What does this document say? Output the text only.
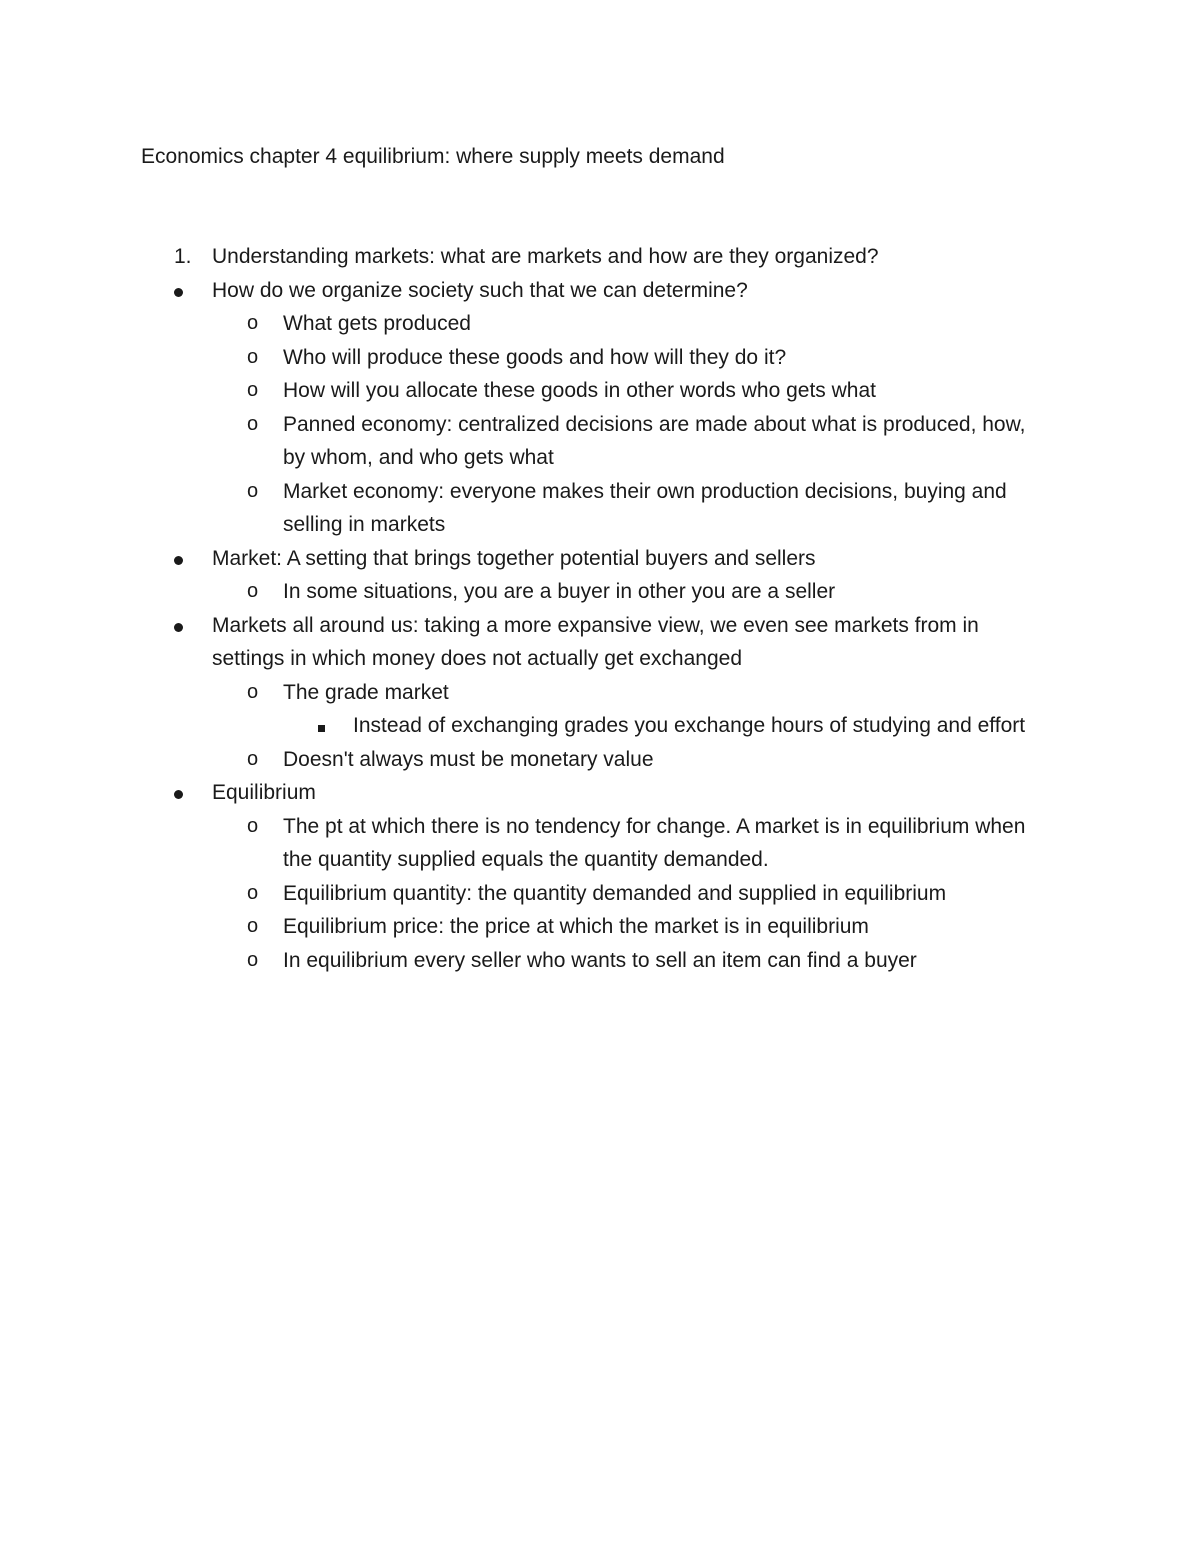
Economics chapter 4 equilibrium: where supply meets demand
1. Understanding markets: what are markets and how are they organized?
How do we organize society such that we can determine?
o What gets produced
o Who will produce these goods and how will they do it?
o How will you allocate these goods in other words who gets what
o Panned economy: centralized decisions are made about what is produced, how, by whom, and who gets what
o Market economy: everyone makes their own production decisions, buying and selling in markets
Market: A setting that brings together potential buyers and sellers
o In some situations, you are a buyer in other you are a seller
Markets all around us: taking a more expansive view, we even see markets from in settings in which money does not actually get exchanged
o The grade market
Instead of exchanging grades you exchange hours of studying and effort
o Doesn't always must be monetary value
Equilibrium
o The pt at which there is no tendency for change. A market is in equilibrium when the quantity supplied equals the quantity demanded.
o Equilibrium quantity: the quantity demanded and supplied in equilibrium
o Equilibrium price: the price at which the market is in equilibrium
o In equilibrium every seller who wants to sell an item can find a buyer
